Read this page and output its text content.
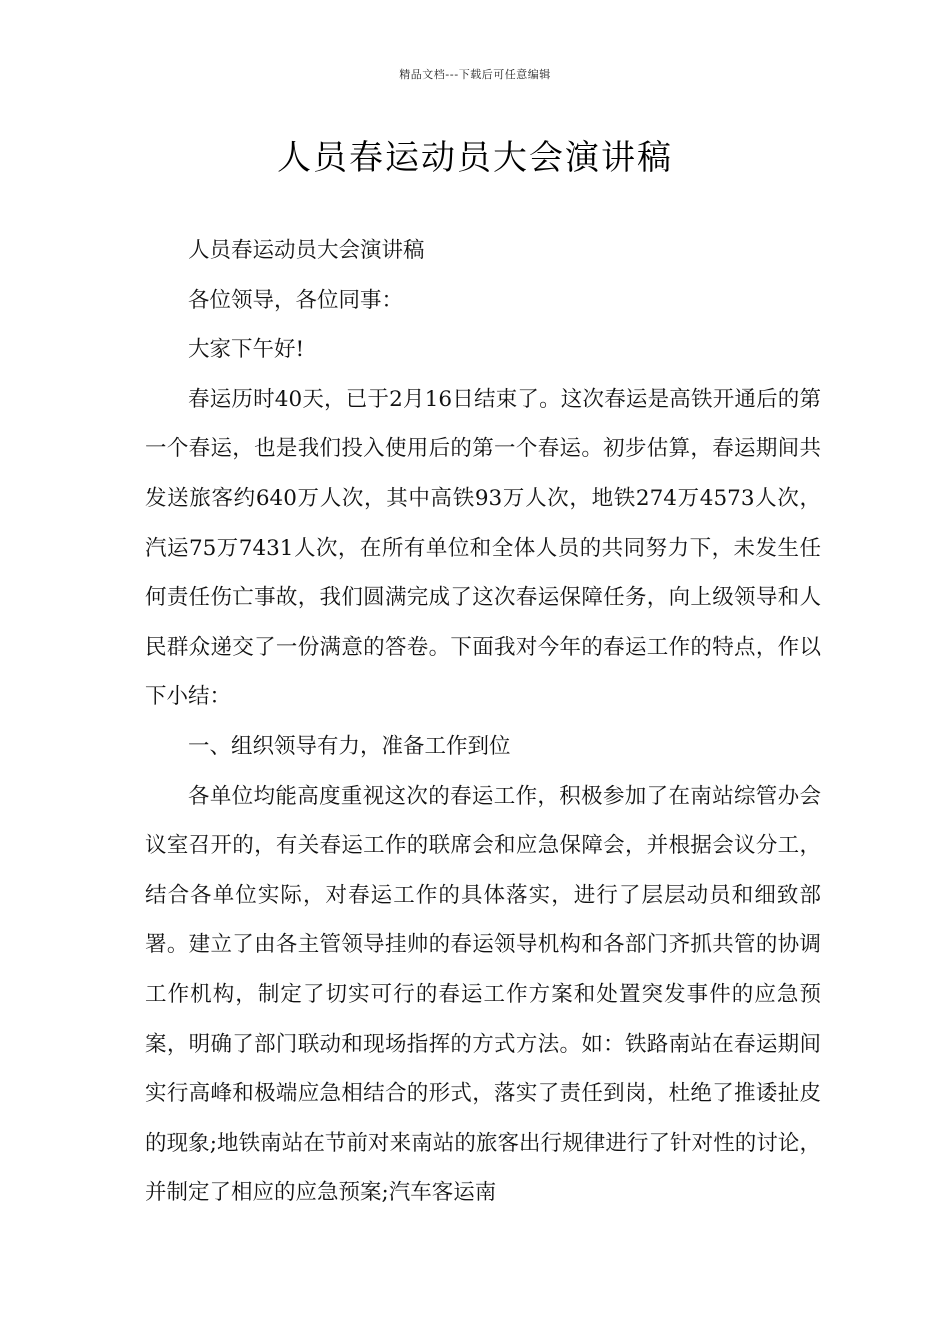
精品文档---下载后可任意编辑
人员春运动员大会演讲稿

人员春运动员大会演讲稿

各位领导，各位同事：

大家下午好!

春运历时40天，已于2月16日结束了。这次春运是高铁开通后的第一个春运，也是我们投入使用后的第一个春运。初步估算，春运期间共发送旅客约640万人次，其中高铁93万人次，地铁274万4573人次，汽运75万7431人次，在所有单位和全体人员的共同努力下，未发生任何责任伤亡事故，我们圆满完成了这次春运保障任务，向上级领导和人民群众递交了一份满意的答卷。下面我对今年的春运工作的特点，作以下小结：

一、组织领导有力，准备工作到位

各单位均能高度重视这次的春运工作，积极参加了在南站综管办会议室召开的，有关春运工作的联席会和应急保障会，并根据会议分工，结合各单位实际，对春运工作的具体落实，进行了层层动员和细致部署。建立了由各主管领导挂帅的春运领导机构和各部门齐抓共管的协调工作机构，制定了切实可行的春运工作方案和处置突发事件的应急预案，明确了部门联动和现场指挥的方式方法。如：铁路南站在春运期间实行高峰和极端应急相结合的形式，落实了责任到岗，杜绝了推诿扯皮的现象;地铁南站在节前对来南站的旅客出行规律进行了针对性的讨论，并制定了相应的应急预案;汽车客运南
